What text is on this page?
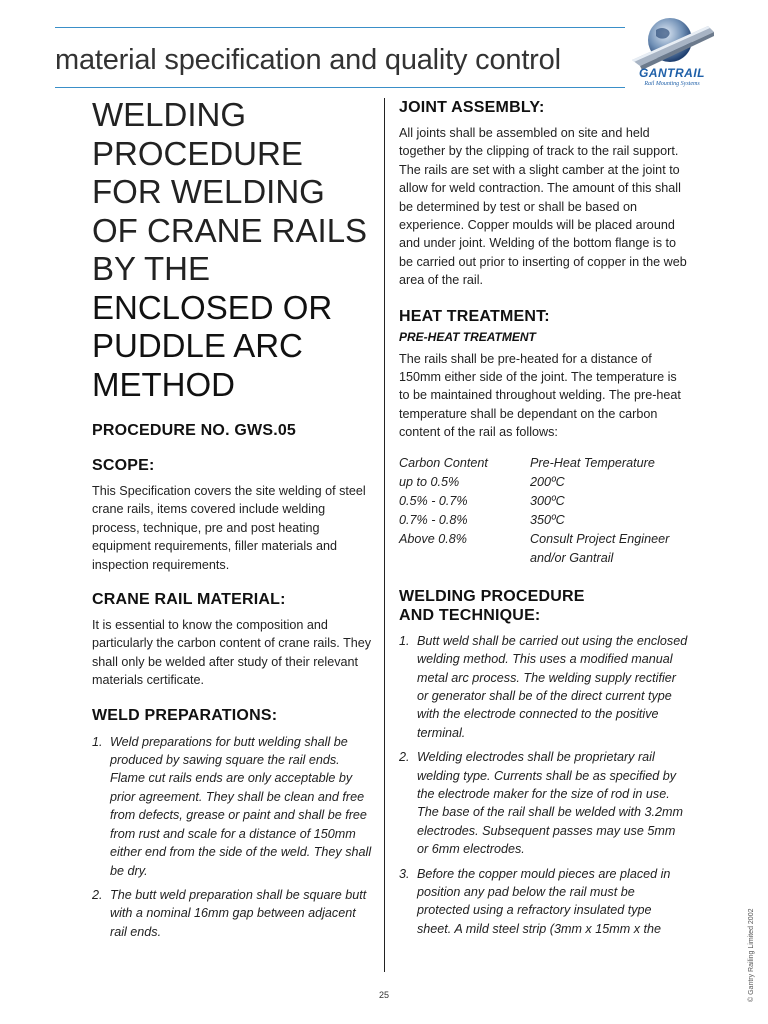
material specification and quality control	GANTRAIL
Rail Mounting Systems
WELDING
PROCEDURE
FOR WELDING
OF CRANE RAILS
BY THE
ENCLOSED OR
PUDDLE ARC
METHOD
PROCEDURE NO. GWS.05
SCOPE:

This Specification covers the site welding of steel crane rails, items covered include welding process, technique, pre and post heating equipment requirements, filler materials and inspection requirements.

CRANE RAIL MATERIAL:

It is essential to know the composition and particularly the carbon content of crane rails. They shall only be welded after study of their relevant materials certificate.

WELD PREPARATIONS:
1. Weld preparations for butt welding shall be produced by sawing square the rail ends. Flame cut rails ends are only acceptable by prior agreement. They shall be clean and free from defects, grease or paint and shall be free from rust and scale for a distance of 150mm either end from the side of the weld. They shall be dry.
2. The butt weld preparation shall be square butt with a nominal 16mm gap between adjacent rail ends.
JOINT ASSEMBLY:

All joints shall be assembled on site and held together by the clipping of track to the rail support. The rails are set with a slight camber at the joint to allow for weld contraction. The amount of this shall be determined by test or shall be based on experience. Copper moulds will be placed around and under joint. Welding of the bottom flange is to be carried out prior to inserting of copper in the web area of the rail.

HEAT TREATMENT:
PRE-HEAT TREATMENT

The rails shall be pre-heated for a distance of 150mm either side of the joint. The temperature is to be maintained throughout welding. The pre-heat temperature shall be dependant on the carbon content of the rail as follows:

Carbon Content	Pre-Heat Temperature
up to 0.5%	200ºC
0.5% - 0.7%	300ºC
0.7% - 0.8%	350ºC
Above 0.8%	Consult Project Engineer and/or Gantrail
WELDING PROCEDURE
AND TECHNIQUE:
1. Butt weld shall be carried out using the enclosed welding method. This uses a modified manual metal arc process. The welding supply rectifier or generator shall be of the direct current type with the electrode connected to the positive terminal.
2. Welding electrodes shall be proprietary rail welding type. Currents shall be as specified by the electrode maker for the size of rod in use. The base of the rail shall be welded with 3.2mm electrodes. Subsequent passes may use 5mm or 6mm electrodes.
3. Before the copper mould pieces are placed in position any pad below the rail must be protected using a refractory insulated type sheet. A mild steel strip (3mm x 15mm x the
25	© Gantry Railing Limited 2002
